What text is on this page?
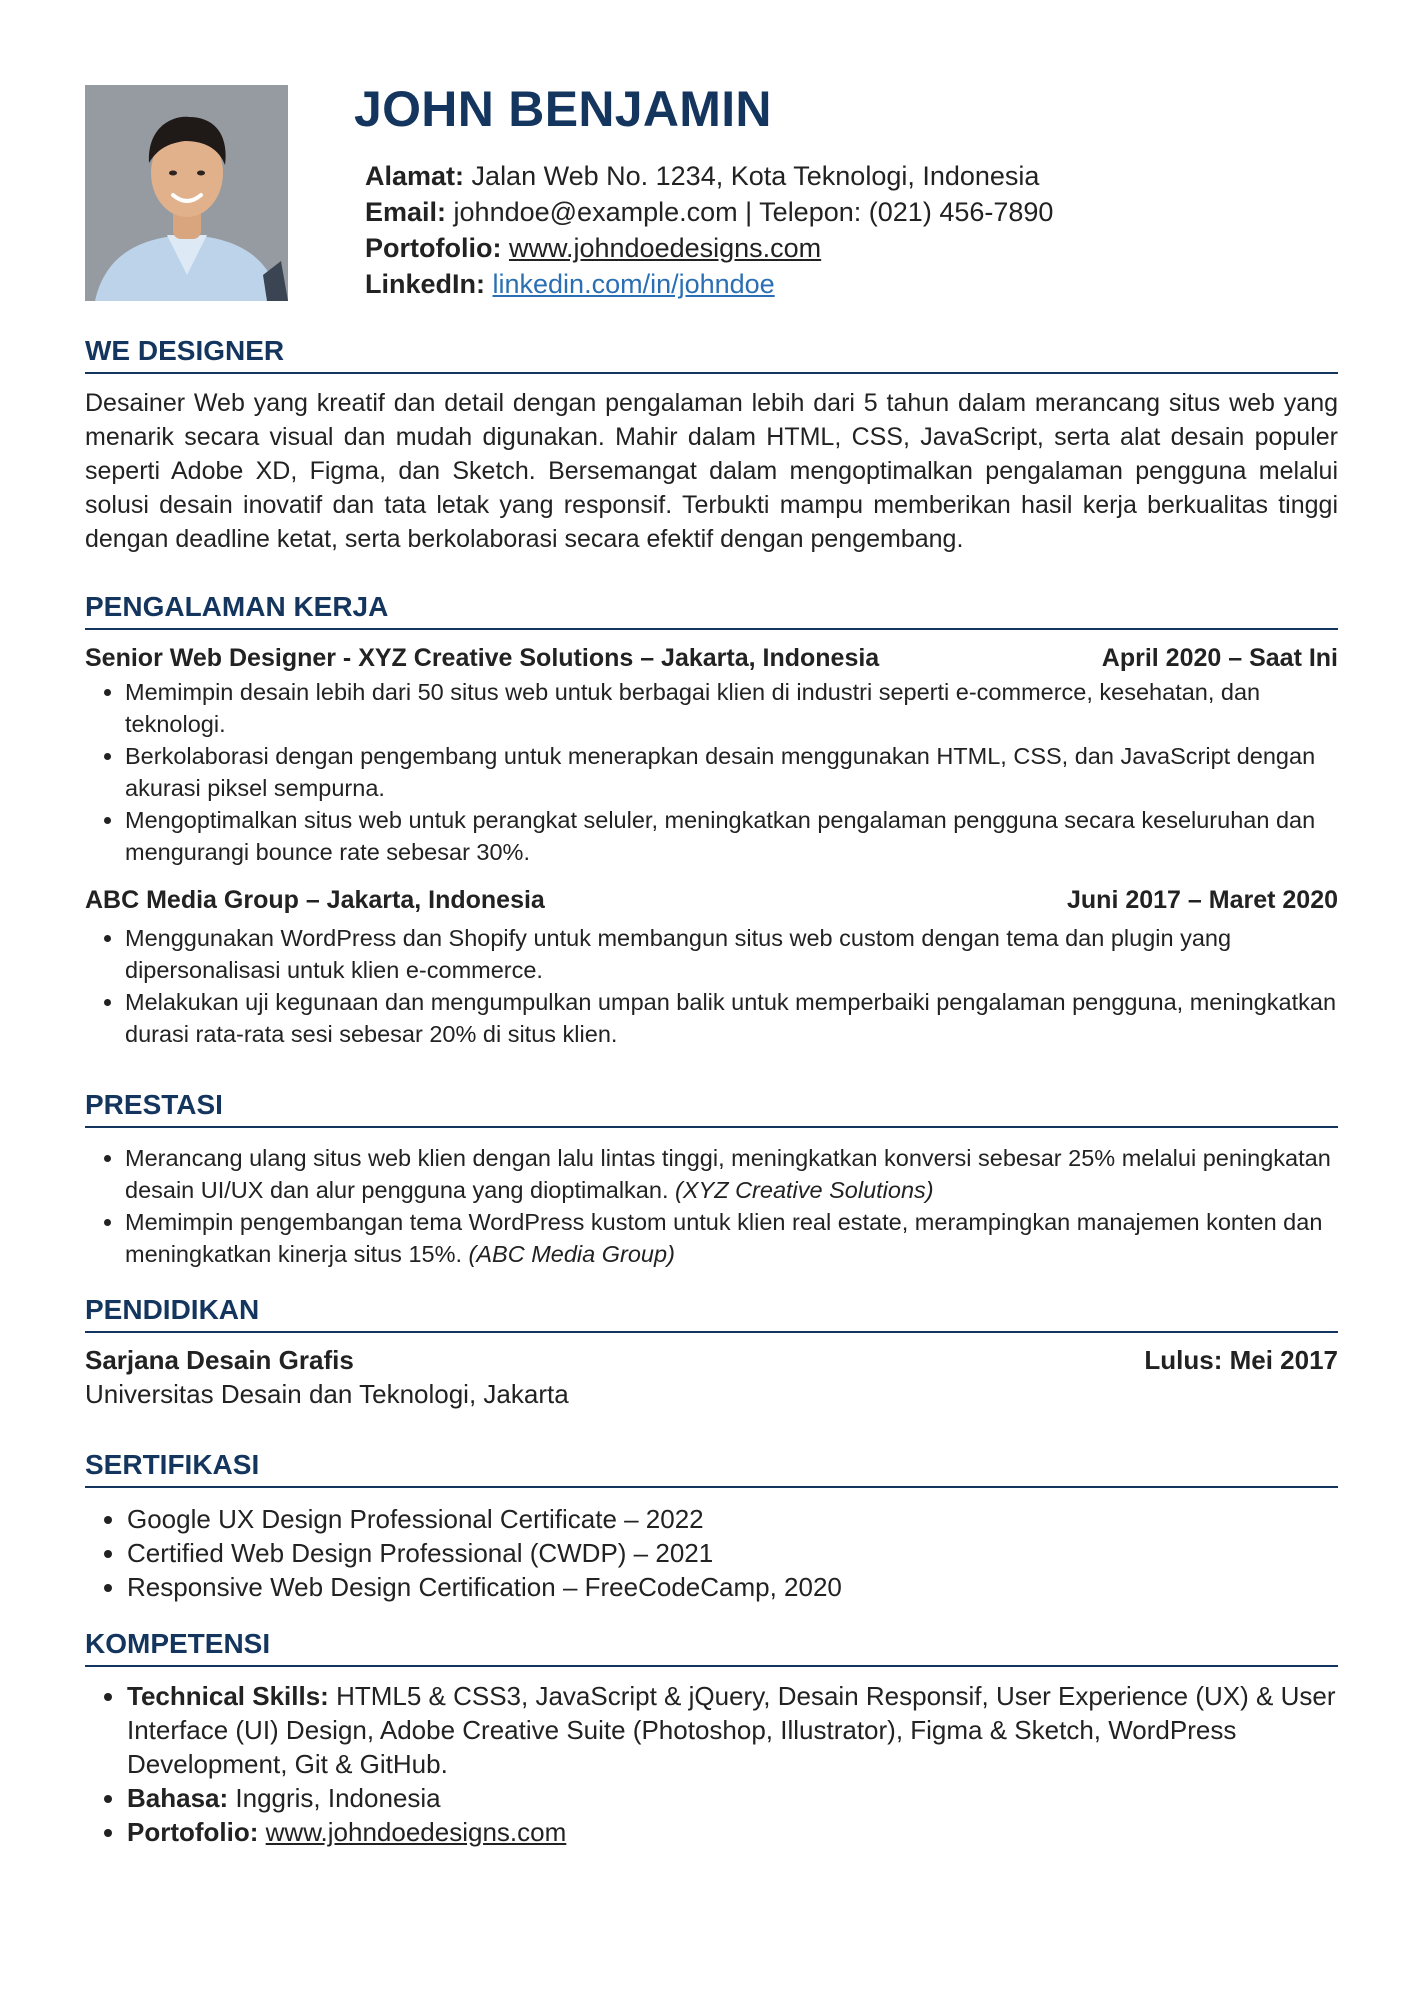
JOHN BENJAMIN
Alamat: Jalan Web No. 1234, Kota Teknologi, Indonesia
Email: johndoe@example.com | Telepon: (021) 456-7890
Portofolio: www.johndoedesigns.com
LinkedIn: linkedin.com/in/johndoe
WE DESIGNER

Desainer Web yang kreatif dan detail dengan pengalaman lebih dari 5 tahun dalam merancang situs web yang menarik secara visual dan mudah digunakan. Mahir dalam HTML, CSS, JavaScript, serta alat desain populer seperti Adobe XD, Figma, dan Sketch. Bersemangat dalam mengoptimalkan pengalaman pengguna melalui solusi desain inovatif dan tata letak yang responsif. Terbukti mampu memberikan hasil kerja berkualitas tinggi dengan deadline ketat, serta berkolaborasi secara efektif dengan pengembang.

PENGALAMAN KERJA
Senior Web Designer - XYZ Creative Solutions – Jakarta, Indonesia	April 2020 – Saat Ini
• Memimpin desain lebih dari 50 situs web untuk berbagai klien di industri seperti e-commerce, kesehatan, dan teknologi.
• Berkolaborasi dengan pengembang untuk menerapkan desain menggunakan HTML, CSS, dan JavaScript dengan akurasi piksel sempurna.
• Mengoptimalkan situs web untuk perangkat seluler, meningkatkan pengalaman pengguna secara keseluruhan dan mengurangi bounce rate sebesar 30%.
ABC Media Group – Jakarta, Indonesia	Juni 2017 – Maret 2020
• Menggunakan WordPress dan Shopify untuk membangun situs web custom dengan tema dan plugin yang dipersonalisasi untuk klien e-commerce.
• Melakukan uji kegunaan dan mengumpulkan umpan balik untuk memperbaiki pengalaman pengguna, meningkatkan durasi rata-rata sesi sebesar 20% di situs klien.
PRESTASI
• Merancang ulang situs web klien dengan lalu lintas tinggi, meningkatkan konversi sebesar 25% melalui peningkatan desain UI/UX dan alur pengguna yang dioptimalkan. (XYZ Creative Solutions)
• Memimpin pengembangan tema WordPress kustom untuk klien real estate, merampingkan manajemen konten dan meningkatkan kinerja situs 15%. (ABC Media Group)
PENDIDIKAN
Sarjana Desain Grafis	Lulus: Mei 2017
Universitas Desain dan Teknologi, Jakarta
SERTIFIKASI
• Google UX Design Professional Certificate – 2022
• Certified Web Design Professional (CWDP) – 2021
• Responsive Web Design Certification – FreeCodeCamp, 2020
KOMPETENSI
• Technical Skills: HTML5 & CSS3, JavaScript & jQuery, Desain Responsif, User Experience (UX) & User Interface (UI) Design, Adobe Creative Suite (Photoshop, Illustrator), Figma & Sketch, WordPress Development, Git & GitHub.
• Bahasa: Inggris, Indonesia
• Portofolio: www.johndoedesigns.com
